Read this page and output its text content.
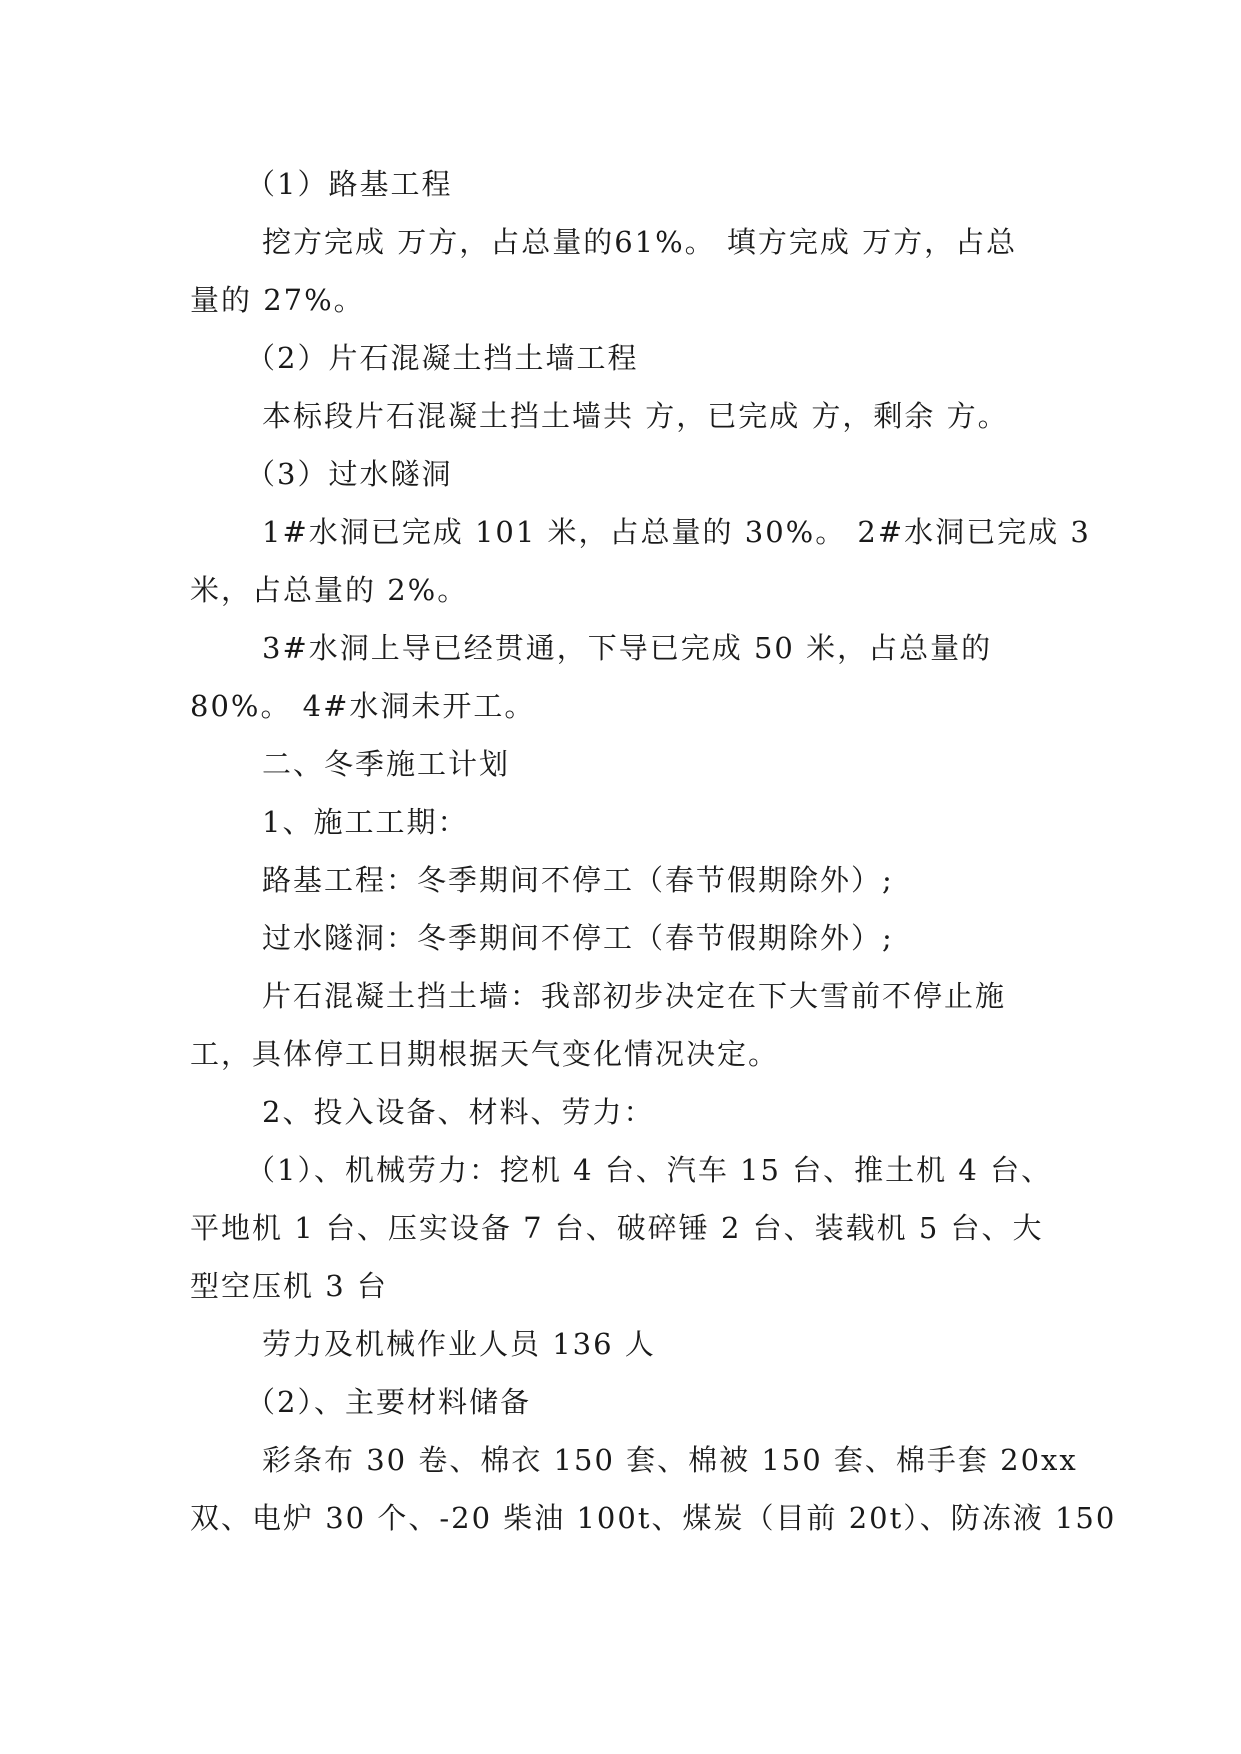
（1）路基工程
挖方完成 万方，占总量的61%。 填方完成 万方，占总
量的 27%。
（2）片石混凝土挡土墙工程
本标段片石混凝土挡土墙共 方，已完成 方，剩余 方。
（3）过水隧洞
1#水洞已完成 101 米，占总量的 30%。 2#水洞已完成 3
米，占总量的 2%。
3#水洞上导已经贯通，下导已完成 50 米，占总量的
80%。 4#水洞未开工。
二、冬季施工计划
1、施工工期：
路基工程：冬季期间不停工（春节假期除外）;
过水隧洞：冬季期间不停工（春节假期除外）;
片石混凝土挡土墙：我部初步决定在下大雪前不停止施
工，具体停工日期根据天气变化情况决定。
2、投入设备、材料、劳力：
（1）、机械劳力：挖机 4 台、汽车 15 台、推土机 4 台、
平地机 1 台、压实设备 7 台、破碎锤 2 台、装载机 5 台、大
型空压机 3 台
劳力及机械作业人员 136 人
（2）、主要材料储备
彩条布 30 卷、棉衣 150 套、棉被 150 套、棉手套 20xx
双、电炉 30 个、-20 柴油 100t、煤炭（目前 20t）、防冻液 150
